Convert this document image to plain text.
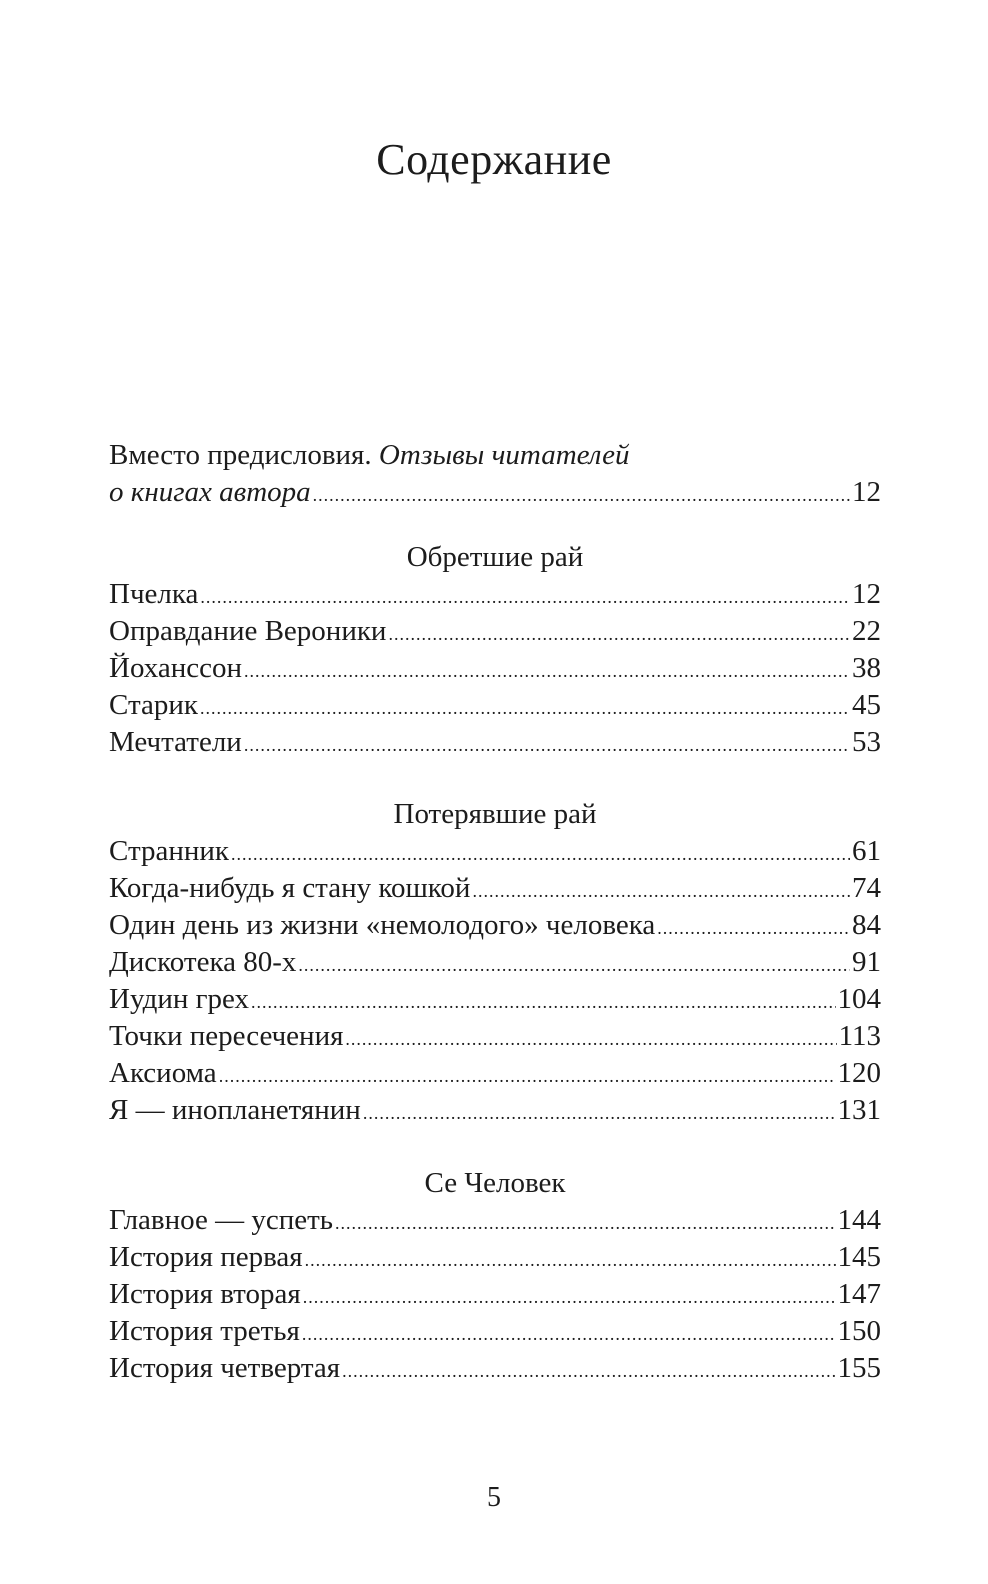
Содержание
Вместо предисловия. Отзывы читателей
о книгах автора .....	12
Обретшие рай
Пчелка .....	12
Оправдание Вероники .....	22
Йохансcон .....	38
Старик .....	45
Мечтатели .....	53
Потерявшие рай
Странник .....	61
Когда-нибудь я стану кошкой .....	74
Один день из жизни «немолодого» человека .....	84
Дискотека 80-х .....	91
Иудин грех .....	104
Точки пересечения .....	113
Аксиома .....	120
Я — инопланетянин .....	131
Се Человек
Главное — успеть .....	144
История первая .....	145
История вторая .....	147
История третья .....	150
История четвертая .....	155
5
